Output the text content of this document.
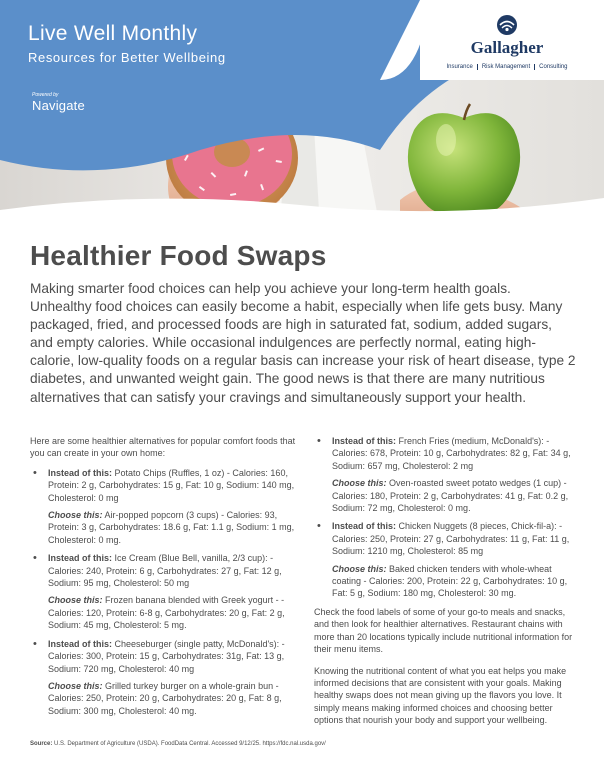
Live Well Monthly
Resources for Better Wellbeing
Powered by
Navigate
Gallagher
Insurance	Risk Management	Consulting
Healthier Food Swaps

Making smarter food choices can help you achieve your long-term health goals. Unhealthy food choices can easily become a habit, especially when life gets busy. Many packaged, fried, and processed foods are high in saturated fat, sodium, added sugars, and empty calories. While occasional indulgences are perfectly normal, eating high-calorie, low-quality foods on a regular basis can increase your risk of heart disease, type 2 diabetes, and unwanted weight gain. The good news is that there are many nutritious alternatives that can satisfy your cravings and simultaneously support your health.

Here are some healthier alternatives for popular comfort foods that you can create in your own home:

• Instead of this: Potato Chips (Ruffles, 1 oz) - Calories: 160, Protein: 2 g, Carbohydrates: 15 g, Fat: 10 g, Sodium: 140 mg, Cholesterol: 0 mg
Choose this: Air-popped popcorn (3 cups) - Calories: 93, Protein: 3 g, Carbohydrates: 18.6 g, Fat: 1.1 g, Sodium: 1 mg, Cholesterol: 0 mg.
• Instead of this: Ice Cream (Blue Bell, vanilla, 2/3 cup): - Calories: 240, Protein: 6 g, Carbohydrates: 27 g, Fat: 12 g, Sodium: 95 mg, Cholesterol: 50 mg
Choose this: Frozen banana blended with Greek yogurt - -Calories: 120, Protein: 6-8 g, Carbohydrates: 20 g, Fat: 2 g, Sodium: 45 mg, Cholesterol: 5 mg.
• Instead of this: Cheeseburger (single patty, McDonald's): - Calories: 300, Protein: 15 g, Carbohydrates: 31g, Fat: 13 g, Sodium: 720 mg, Cholesterol: 40 mg
Choose this: Grilled turkey burger on a whole-grain bun - Calories: 250, Protein: 20 g, Carbohydrates: 20 g, Fat: 8 g, Sodium: 300 mg, Cholesterol: 40 mg.
• Instead of this: French Fries (medium, McDonald's): - Calories: 678, Protein: 10 g, Carbohydrates: 82 g, Fat: 34 g, Sodium: 657 mg, Cholesterol: 2 mg
Choose this: Oven-roasted sweet potato wedges (1 cup) - Calories: 180, Protein: 2 g, Carbohydrates: 41 g, Fat: 0.2 g, Sodium: 72 mg, Cholesterol: 0 mg.
• Instead of this: Chicken Nuggets (8 pieces, Chick-fil-a): - Calories: 250, Protein: 27 g, Carbohydrates: 11 g, Fat: 11 g, Sodium: 1210 mg, Cholesterol: 85 mg
Choose this: Baked chicken tenders with whole-wheat coating - Calories: 200, Protein: 22 g, Carbohydrates: 10 g, Fat: 5 g, Sodium: 180 mg, Cholesterol: 30 mg.

Check the food labels of some of your go-to meals and snacks, and then look for healthier alternatives. Restaurant chains with more than 20 locations typically include nutritional information for their menu items.

Knowing the nutritional content of what you eat helps you make informed decisions that are consistent with your goals. Making healthy swaps does not mean giving up the flavors you love. It simply means making informed choices and choosing better options that nourish your body and support your wellbeing.

Source: U.S. Department of Agriculture (USDA). FoodData Central. Accessed 9/12/25. https://fdc.nal.usda.gov/
